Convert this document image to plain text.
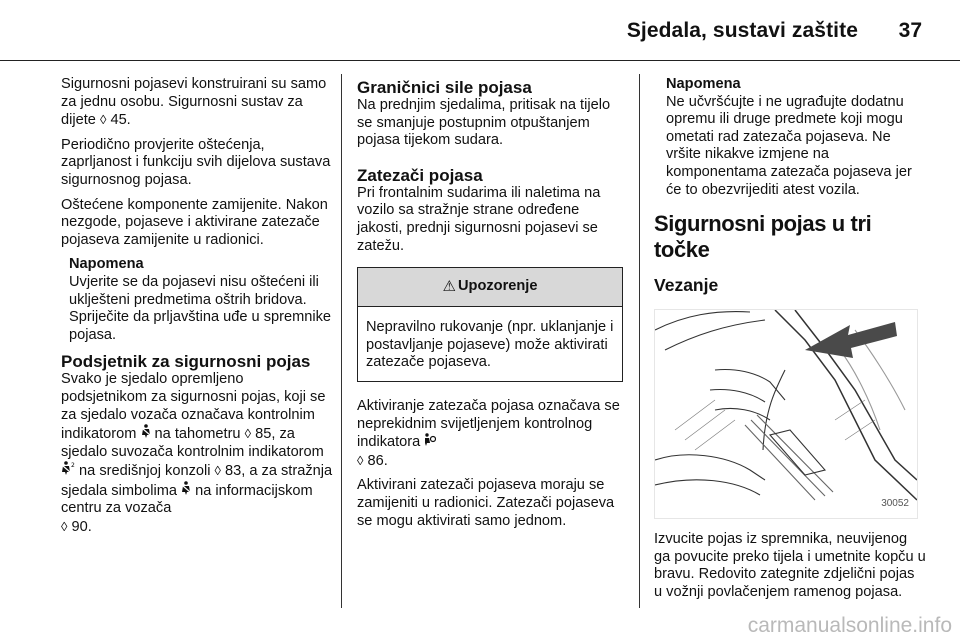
Sjedala, sustavi zaštite 37

Sigurnosni pojasevi konstruirani su samo za jednu osobu. Sigurnosni sustav za dijete ◊ 45.

Periodično provjerite oštećenja, zaprljanost i funkciju svih dijelova sustava sigurnosnog pojasa.

Oštećene komponente zamijenite. Nakon nezgode, pojaseve i aktivirane zatezače pojaseva zamijenite u radionici.

Napomena
Uvjerite se da pojasevi nisu oštećeni ili uklješteni predmetima oštrih bridova. Spriječite da prljavština uđe u spremnike pojasa.
Podsjetnik za sigurnosni pojas

Svako je sjedalo opremljeno podsjetnikom za sigurnosni pojas, koji se za sjedalo vozača označava kontrolnim indikatorom  na tahometru ◊ 85, za sjedalo suvozača kontrolnim indikatorom
2 na središnjoj konzoli ◊ 83, a za stražnja sjedala simbolima  na informacijskom centru za vozača
◊ 90.

Graničnici sile pojasa

Na prednjim sjedalima, pritisak na tijelo se smanjuje postupnim otpuštanjem pojasa tijekom sudara.

Zatezači pojasa

Pri frontalnim sudarima ili naletima na vozilo sa stražnje strane određene jakosti, prednji sigurnosni pojasevi se zatežu.

⚠ Upozorenje
Nepravilno rukovanje (npr. uklanjanje i postavljanje pojaseve) može aktivirati zatezače pojaseva.

Aktiviranje zatezača pojasa označava se neprekidnim svijetljenjem kontrolnog indikatora
◊ 86.

Aktivirani zatezači pojaseva moraju se zamijeniti u radionici. Zatezači pojaseva se mogu aktivirati samo jednom.

Napomena
Ne učvršćujte i ne ugrađujte dodatnu opremu ili druge predmete koji mogu ometati rad zatezača pojaseva. Ne vršite nikakve izmjene na komponentama zatezača pojaseva jer će to obezvrijediti atest vozila.
Sigurnosni pojas u tri točke
Vezanje
30052

Izvucite pojas iz spremnika, neuvijenog ga povucite preko tijela i umetnite kopču u bravu. Redovito zategnite zdjelični pojas u vožnji povlačenjem ramenog pojasa.

carmanualsonline.info
